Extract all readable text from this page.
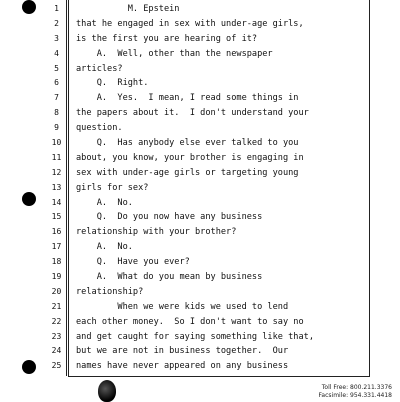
1	M. Epstein
2	that he engaged in sex with under-age girls,
3	is the first you are hearing of it?
4	A.  Well, other than the newspaper
5	articles?
6	Q.  Right.
7	A.  Yes.  I mean, I read some things in
8	the papers about it.  I don't understand your
9	question.
10	Q.  Has anybody else ever talked to you
11	about, you know, your brother is engaging in
12	sex with under-age girls or targeting young
13	girls for sex?
14	A.  No.
15	Q.  Do you now have any business
16	relationship with your brother?
17	A.  No.
18	Q.  Have you ever?
19	A.  What do you mean by business
20	relationship?
21	When we were kids we used to lend
22	each other money.  So I don't want to say no
23	and get caught for saying something like that,
24	but we are not in business together.  Our
25	names have never appeared on any business
Toll Free: 800.211.3376
Facsimile: 954.331.4418
